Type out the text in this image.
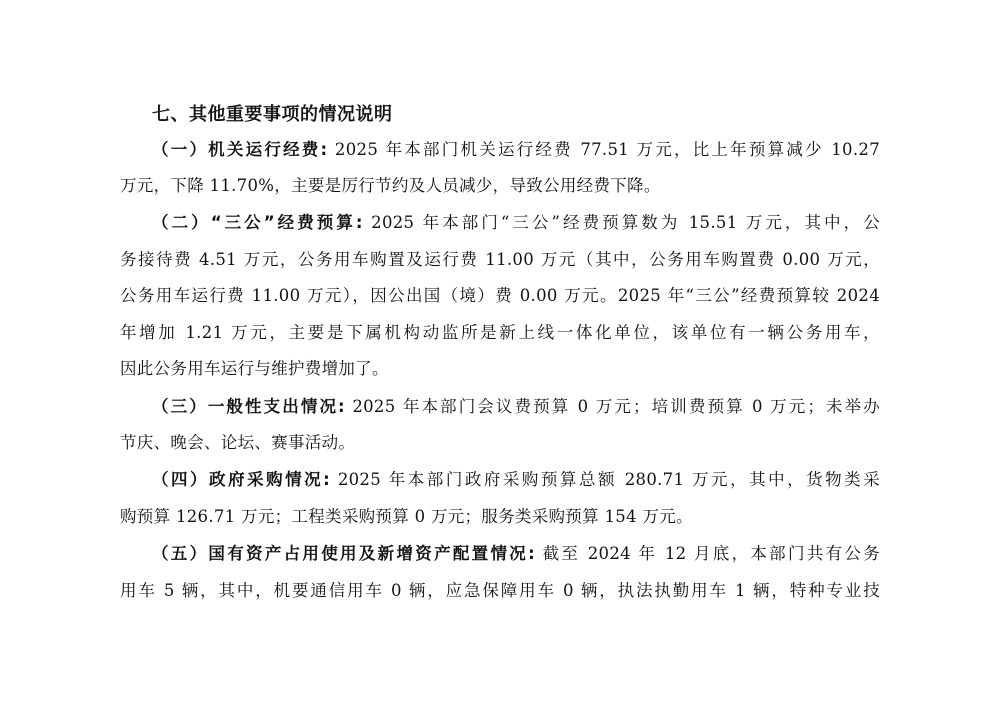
七、其他重要事项的情况说明
（一）机关运行经费: 2025 年本部门机关运行经费 77.51 万元，比上年预算减少 10.27
万元，下降 11.70%，主要是厉行节约及人员减少，导致公用经费下降。
（二）“三公”经费预算: 2025 年本部门“三公”经费预算数为 15.51 万元，其中，公
务接待费 4.51 万元，公务用车购置及运行费 11.00 万元（其中，公务用车购置费 0.00 万元，
公务用车运行费 11.00 万元），因公出国（境）费 0.00 万元。2025 年“三公”经费预算较 2024
年增加 1.21 万元，主要是下属机构动监所是新上线一体化单位，该单位有一辆公务用车，
因此公务用车运行与维护费增加了。
（三）一般性支出情况: 2025 年本部门会议费预算 0 万元；培训费预算 0 万元；未举办
节庆、晚会、论坛、赛事活动。
（四）政府采购情况: 2025 年本部门政府采购预算总额 280.71 万元，其中，货物类采
购预算 126.71 万元；工程类采购预算 0 万元；服务类采购预算 154 万元。
（五）国有资产占用使用及新增资产配置情况: 截至 2024 年 12 月底，本部门共有公务
用车 5 辆，其中，机要通信用车 0 辆，应急保障用车 0 辆，执法执勤用车 1 辆，特种专业技
